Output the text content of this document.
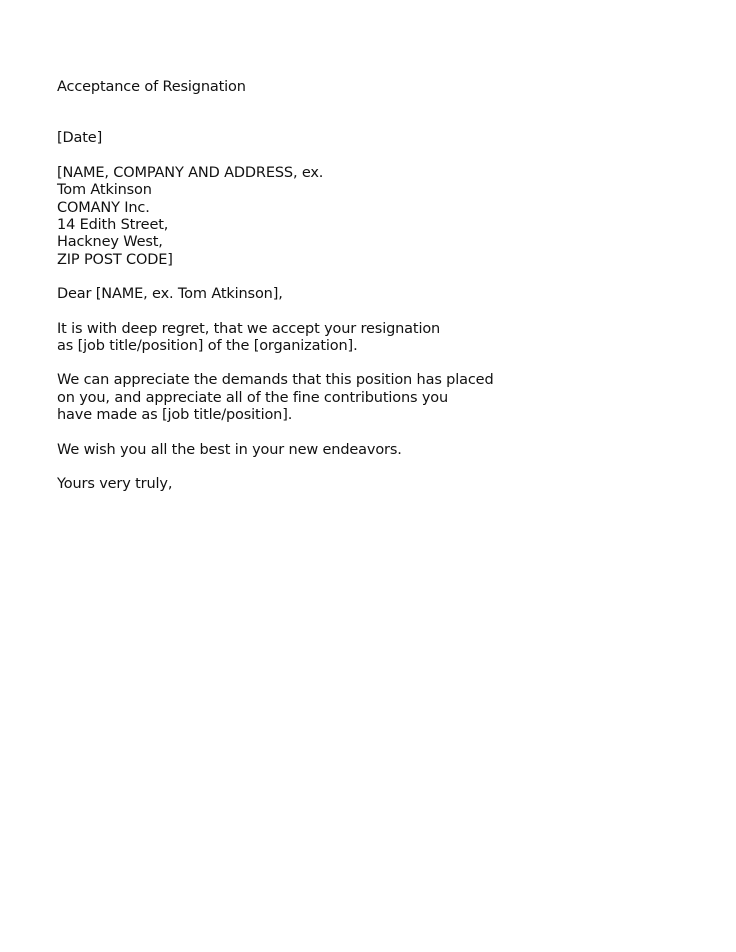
Acceptance of Resignation
[Date]
[NAME, COMPANY AND ADDRESS, ex.
Tom Atkinson
COMANY Inc.
14 Edith Street,
Hackney West,
ZIP POST CODE]
Dear [NAME, ex. Tom Atkinson],
It is with deep regret, that we accept your resignation
as [job title/position] of the [organization].
We can appreciate the demands that this position has placed
on you, and appreciate all of the fine contributions you
have made as [job title/position].
We wish you all the best in your new endeavors.
Yours very truly,
